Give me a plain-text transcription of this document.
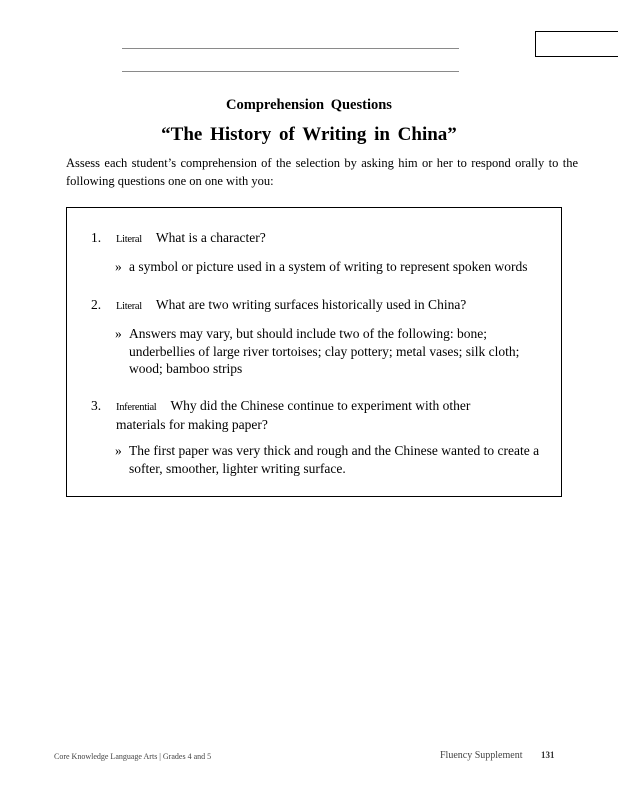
Comprehension Questions
“The History of Writing in China”
Assess each student’s comprehension of the selection by asking him or her to respond orally to the following questions one on one with you:
1. Literal What is a character?
» a symbol or picture used in a system of writing to represent spoken words
2. Literal What are two writing surfaces historically used in China?
» Answers may vary, but should include two of the following: bone; underbellies of large river tortoises; clay pottery; metal vases; silk cloth; wood; bamboo strips
3. Inferential Why did the Chinese continue to experiment with other
materials for making paper?
» The first paper was very thick and rough and the Chinese wanted to create a softer, smoother, lighter writing surface.
Core Knowledge Language Arts | Grades 4 and 5	Fluency Supplement 131
